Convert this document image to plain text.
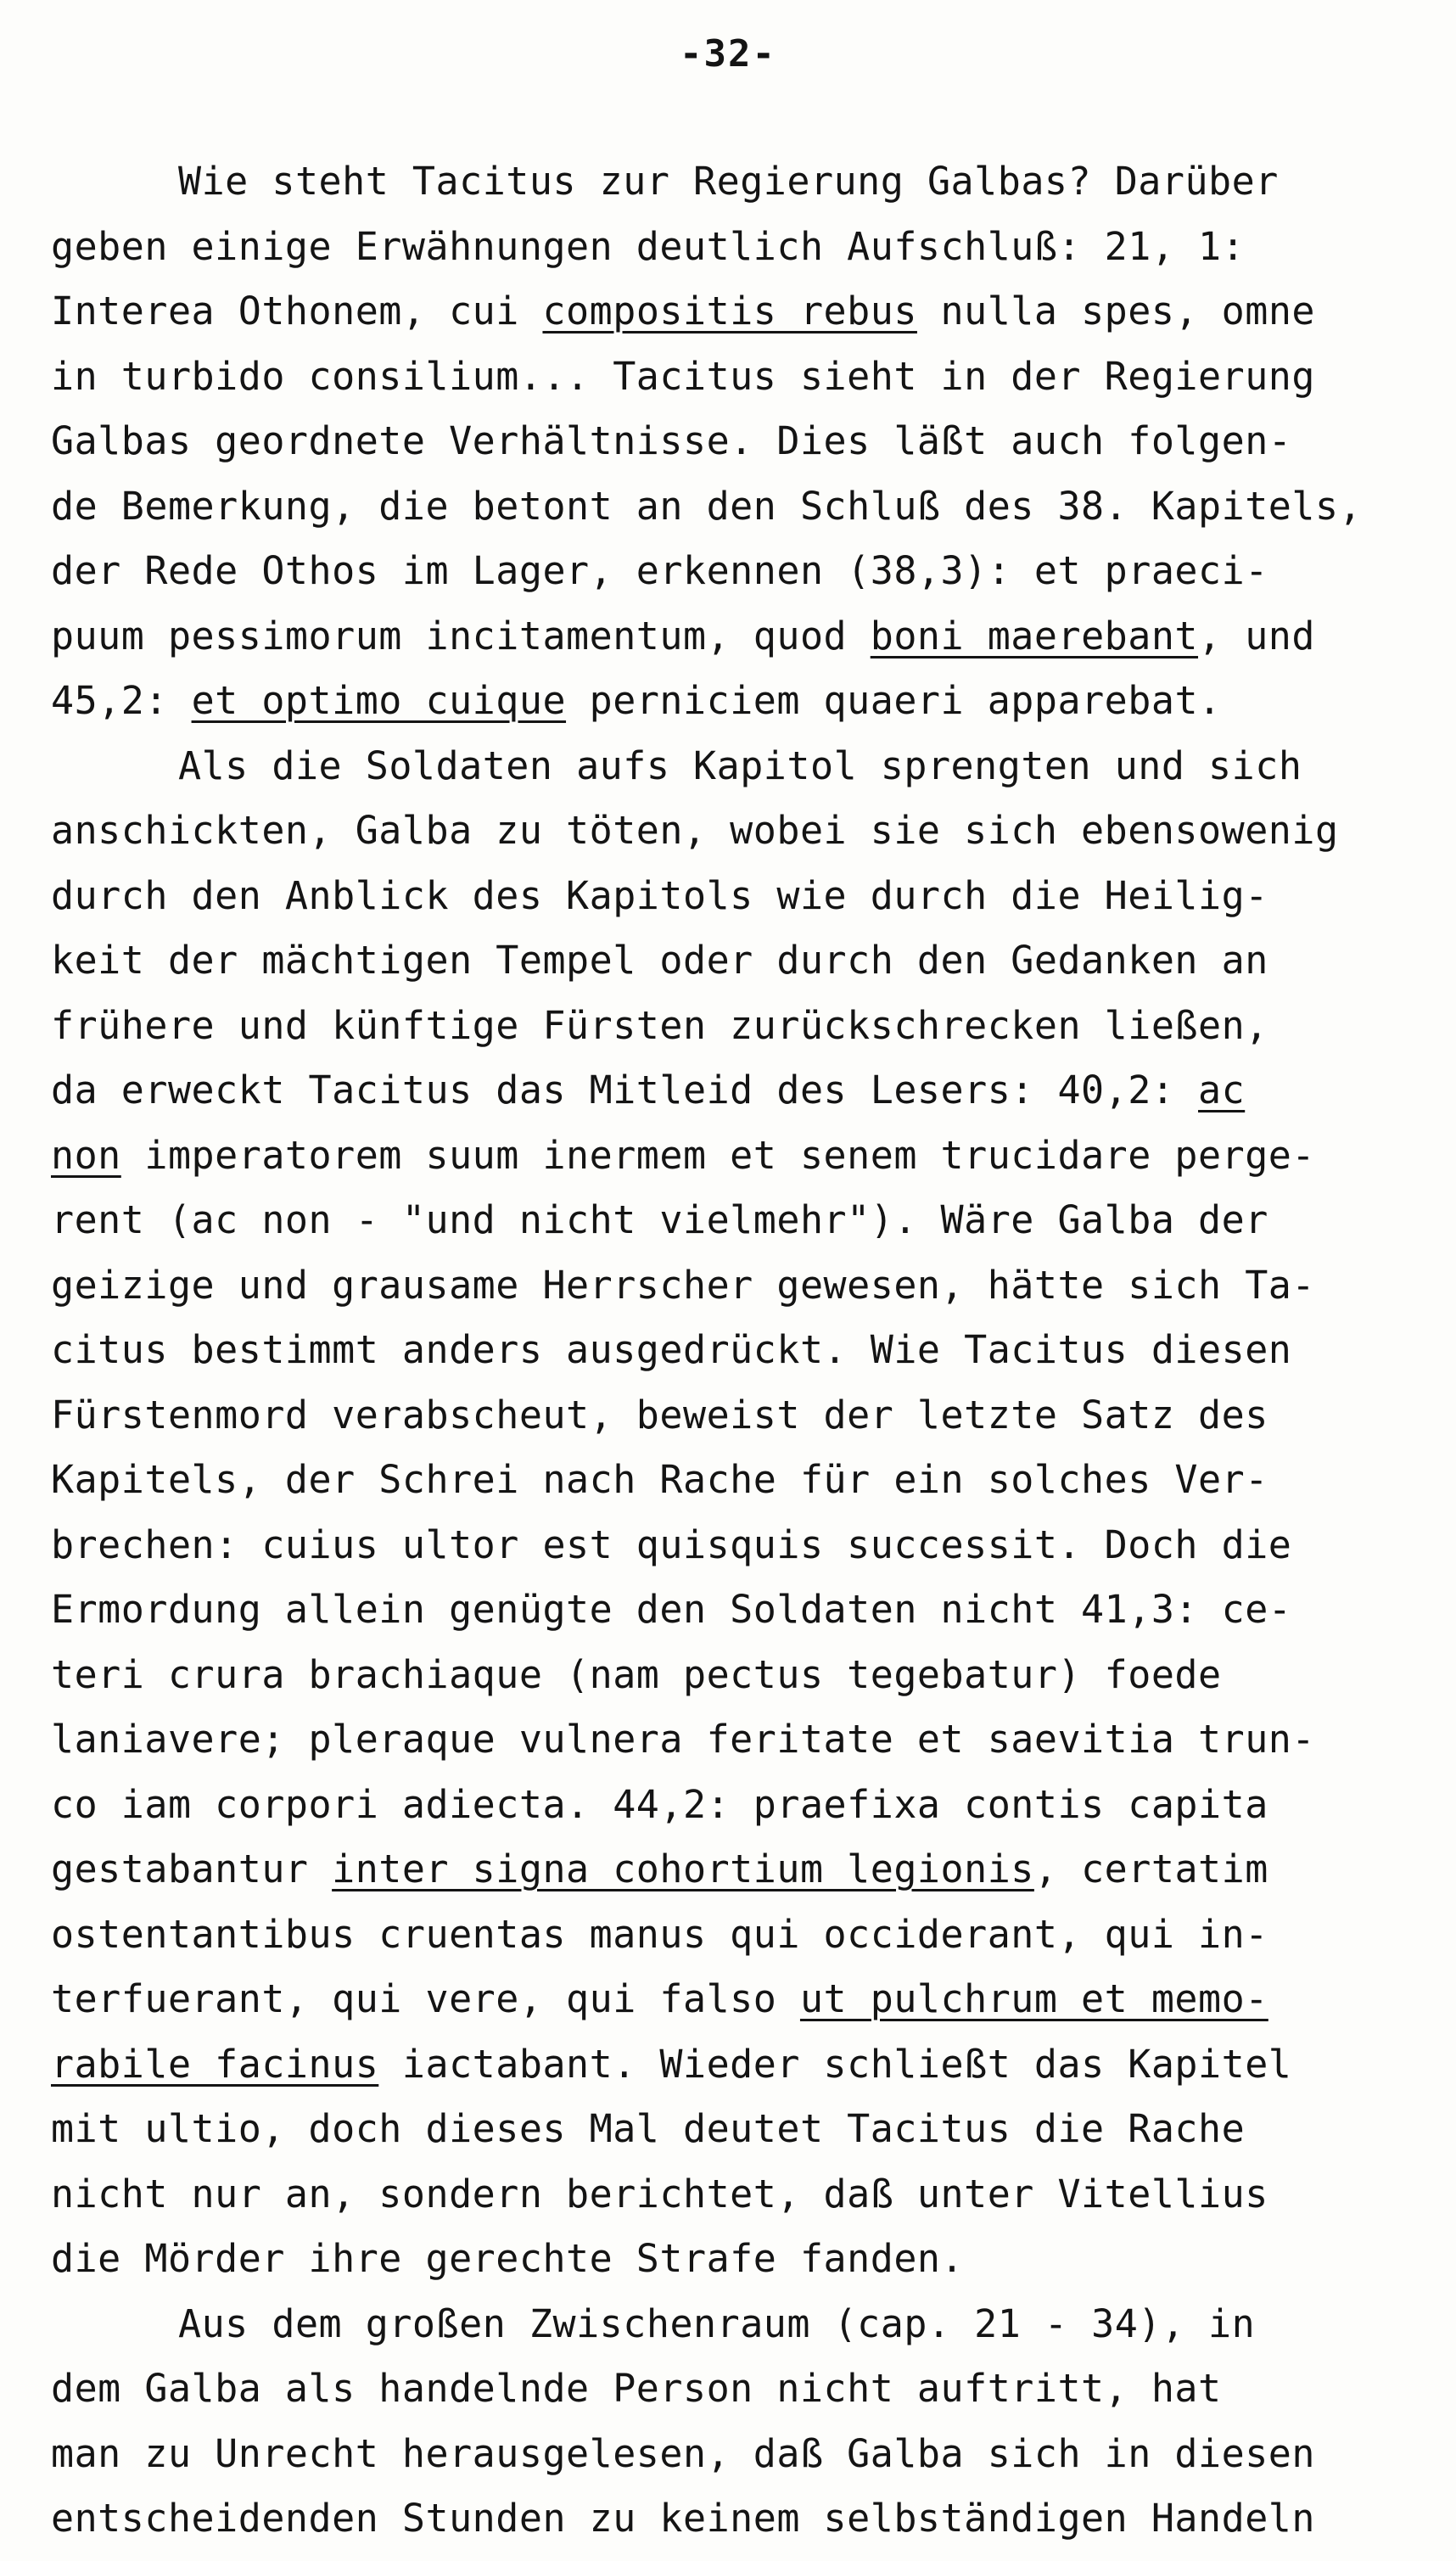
-32-
Wie steht Tacitus zur Regierung Galbas? Darüber
geben einige Erwähnungen deutlich Aufschluß: 21, 1:
Interea Othonem, cui compositis rebus nulla spes, omne
in turbido consilium... Tacitus sieht in der Regierung
Galbas geordnete Verhältnisse. Dies läßt auch folgen-
de Bemerkung, die betont an den Schluß des 38. Kapitels,
der Rede Othos im Lager, erkennen (38,3): et praeci-
puum pessimorum incitamentum, quod boni maerebant, und
45,2: et optimo cuique perniciem quaeri apparebat.
Als die Soldaten aufs Kapitol sprengten und sich
anschickten, Galba zu töten, wobei sie sich ebensowenig
durch den Anblick des Kapitols wie durch die Heilig-
keit der mächtigen Tempel oder durch den Gedanken an
frühere und künftige Fürsten zurückschrecken ließen,
da erweckt Tacitus das Mitleid des Lesers: 40,2: ac
non imperatorem suum inermem et senem trucidare perge-
rent (ac non - "und nicht vielmehr"). Wäre Galba der
geizige und grausame Herrscher gewesen, hätte sich Ta-
citus bestimmt anders ausgedrückt. Wie Tacitus diesen
Fürstenmord verabscheut, beweist der letzte Satz des
Kapitels, der Schrei nach Rache für ein solches Ver-
brechen: cuius ultor est quisquis successit. Doch die
Ermordung allein genügte den Soldaten nicht 41,3: ce-
teri crura brachiaque (nam pectus tegebatur) foede
laniavere; pleraque vulnera feritate et saevitia trun-
co iam corpori adiecta. 44,2: praefixa contis capita
gestabantur inter signa cohortium legionis, certatim
ostentantibus cruentas manus qui occiderant, qui in-
terfuerant, qui vere, qui falso ut pulchrum et memo-
rabile facinus iactabant. Wieder schließt das Kapitel
mit ultio, doch dieses Mal deutet Tacitus die Rache
nicht nur an, sondern berichtet, daß unter Vitellius
die Mörder ihre gerechte Strafe fanden.
Aus dem großen Zwischenraum (cap. 21 - 34), in
dem Galba als handelnde Person nicht auftritt, hat
man zu Unrecht herausgelesen, daß Galba sich in diesen
entscheidenden Stunden zu keinem selbständigen Handeln
